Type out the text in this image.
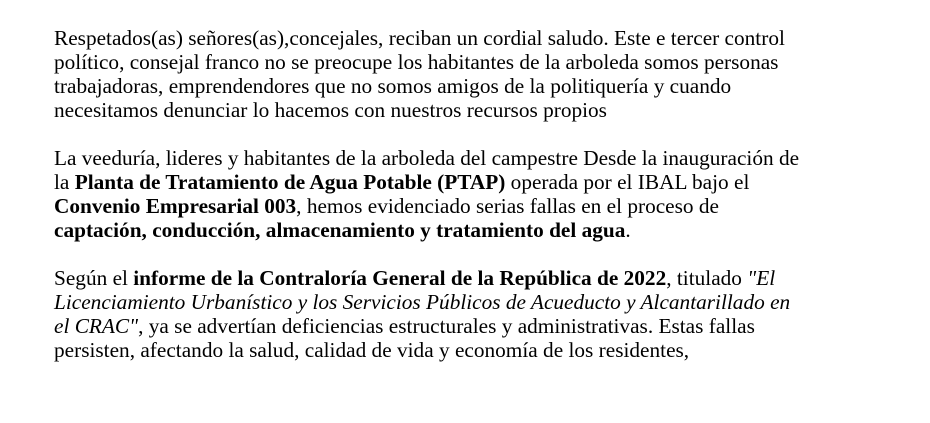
Respetados(as) señores(as),concejales, reciban un cordial saludo. Este e tercer control
político, consejal franco no se preocupe los habitantes de la arboleda somos personas
trabajadoras, emprendendores que no somos amigos de la politiquería y cuando
necesitamos denunciar lo hacemos con nuestros recursos propios

La veeduría, lideres y habitantes de la arboleda del campestre Desde la inauguración de
la Planta de Tratamiento de Agua Potable (PTAP) operada por el IBAL bajo el
Convenio Empresarial 003, hemos evidenciado serias fallas en el proceso de
captación, conducción, almacenamiento y tratamiento del agua.

Según el informe de la Contraloría General de la República de 2022, titulado "El
Licenciamiento Urbanístico y los Servicios Públicos de Acueducto y Alcantarillado en
el CRAC", ya se advertían deficiencias estructurales y administrativas. Estas fallas
persisten, afectando la salud, calidad de vida y economía de los residentes,
